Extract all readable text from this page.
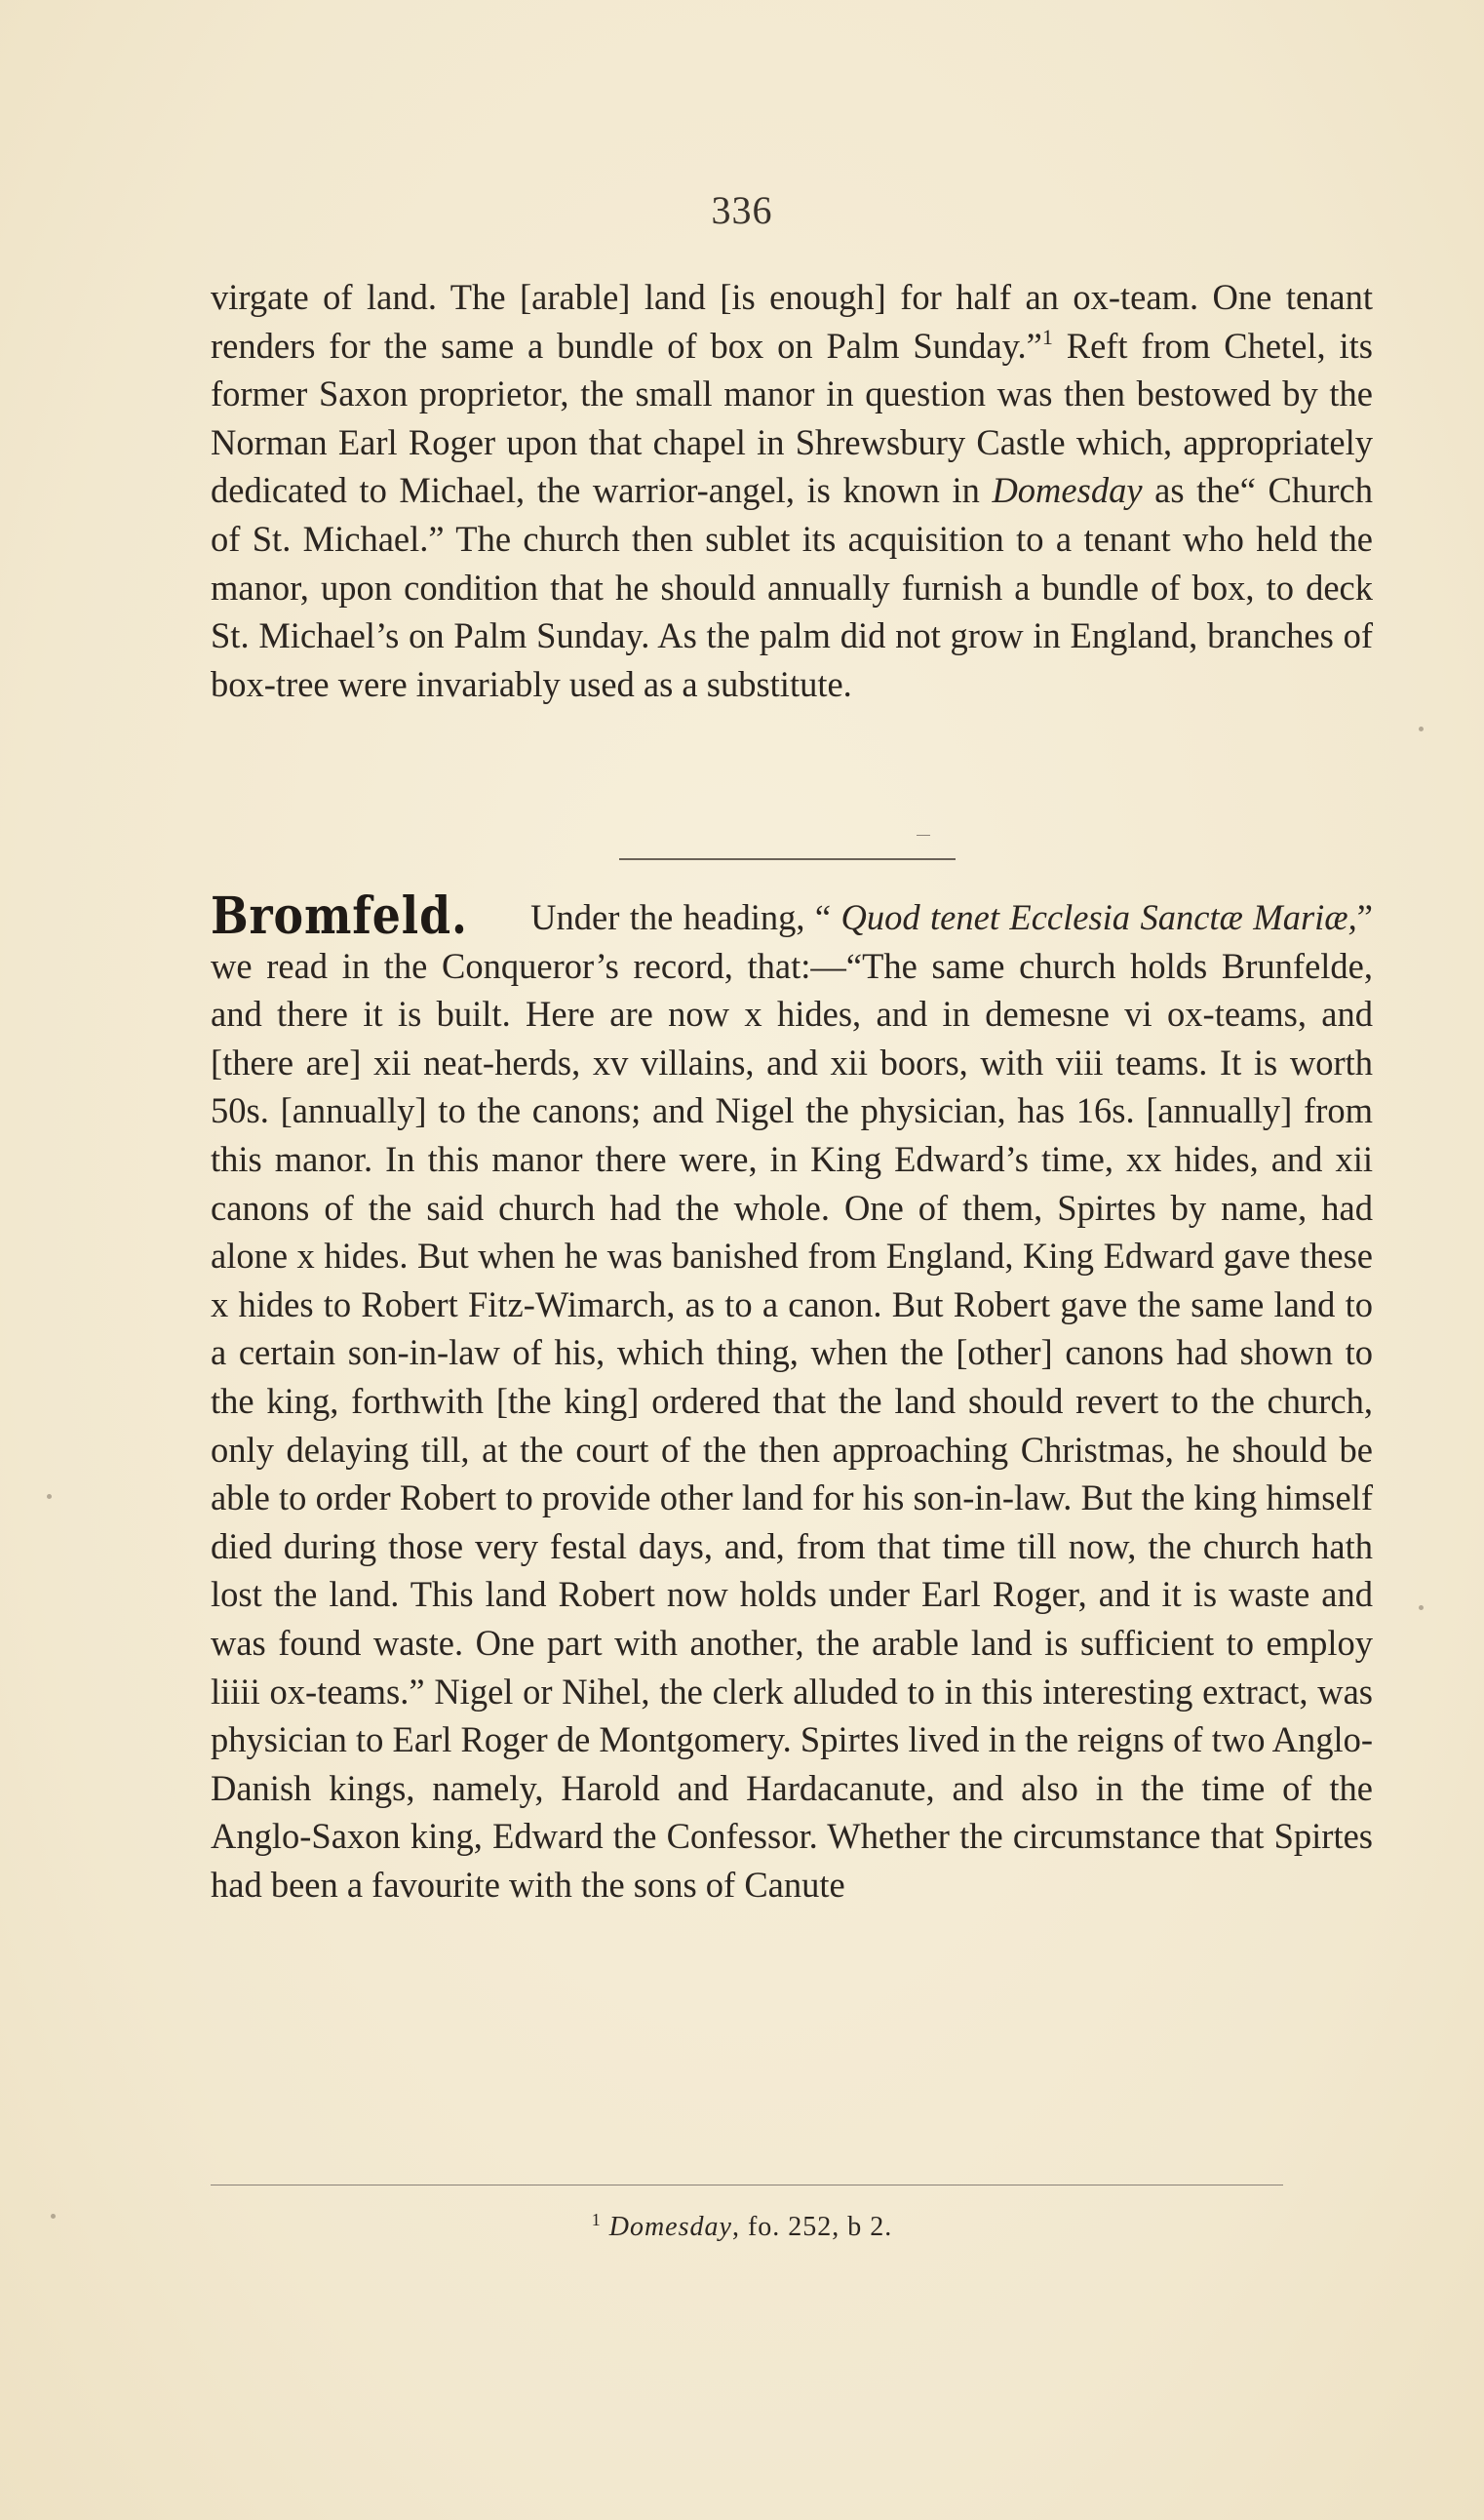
336
virgate of land. The [arable] land [is enough] for half an ox-team. One tenant renders for the same a bundle of box on Palm Sunday.”$^1$ Reft from Chetel, its former Saxon proprietor, the small manor in question was then bestowed by the Norman Earl Roger upon that chapel in Shrewsbury Castle which, appropriately dedicated to Michael, the warrior-angel, is known in Domesday as the“ Church of St. Michael.” The church then sublet its acquisition to a tenant who held the manor, upon condition that he should annually furnish a bundle of box, to deck St. Michael’s on Palm Sunday. As the palm did not grow in England, branches of box-tree were invariably used as a substitute.
Bromfeld. Under the heading, “ Quod tenet Ecclesia Sanctæ Mariæ,” we read in the Conqueror’s record, that:—“The same church holds Brunfelde, and there it is built. Here are now x hides, and in demesne vi ox-teams, and [there are] xii neat-herds, xv villains, and xii boors, with viii teams. It is worth 50s. [annually] to the canons; and Nigel the physician, has 16s. [annually] from this manor. In this manor there were, in King Edward’s time, xx hides, and xii canons of the said church had the whole. One of them, Spirtes by name, had alone x hides. But when he was banished from England, King Edward gave these x hides to Robert Fitz-Wimarch, as to a canon. But Robert gave the same land to a certain son-in-law of his, which thing, when the [other] canons had shown to the king, forthwith [the king] ordered that the land should revert to the church, only delaying till, at the court of the then approaching Christmas, he should be able to order Robert to provide other land for his son-in-law. But the king himself died during those very festal days, and, from that time till now, the church hath lost the land. This land Robert now holds under Earl Roger, and it is waste and was found waste. One part with another, the arable land is sufficient to employ liiii ox-teams.” Nigel or Nihel, the clerk alluded to in this interesting extract, was physician to Earl Roger de Montgomery. Spirtes lived in the reigns of two Anglo-Danish kings, namely, Harold and Hardacanute, and also in the time of the Anglo-Saxon king, Edward the Confessor. Whether the circumstance that Spirtes had been a favourite with the sons of Canute
$^1$ Domesday, fo. 252, b 2.
